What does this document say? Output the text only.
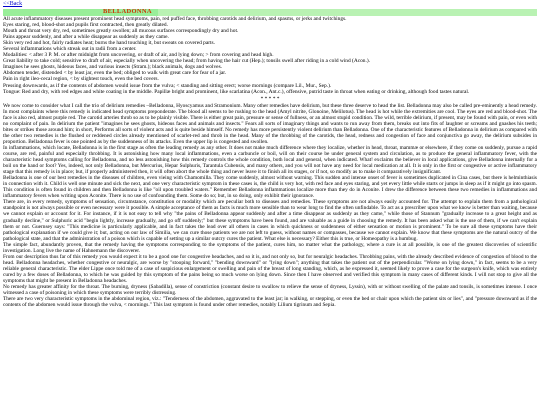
<<Back
BELLADONNA

All acute inflammatory diseases present prominent head symptoms, pain, red puffed face, throbbing carotids and delirium, and spasms, or jerks and twitchings.

Eyes staring, red, blood-shot and pupils first contracted, then greatly dilated.

Mouth and throat very dry, red, sometimes greatly swollen; all mucous surfaces correspondingly dry and hot.

Pains appear suddenly, and after a while disappear as suddenly as they came.

Skin very red and hot, fairly radiates heat; burns the hand touching it, but sweats on covered parts.

Several inflammations which streak out in radii from a center.

Modalities: < after 3 P. M. or after midnight from uncovering, or draft of air, and lying down; > from covering and head high.

Great liability to take cold; sensitive to draft of air, especially when uncovering the head; from having the hair cut (Hep.); tonsils swell after riding in a cold wind (Acon.).

Imagines he sees ghosts, hideous faces, and various insects (Stram.); black animals, dogs and wolves.

Abdomen tender, distended < by least jar, even the bed; obliged to walk with great care for fear of a jar.

Pain in right ileo-cecal region, < by slightest touch, even the bed covers.

Pressing downwards, as if the contents of abdomen would issue from the vulva; < standing and sitting erect; worse mornings (compare Lil., Mur., Sep.).

Tongue: Red and dry, with red edges and white coating in the middle. Papillæ bright and prominent, like scarlatina (Acon., Ant.c.), offensive, putrid taste in throat when eating or drinking, although food tastes natural.

* * * * *

We now come to consider what I call the trio of delirium remedies –Belladonna, Hyoscyamus and Stramonium. Many other remedies have delirium, but these three deserve to head the list. Belladonna may also be called pre-eminently a head remedy. In most complaints where this remedy is indicated head symptoms preponderate. The blood all seems to be rushing to the head (Amyl nitrite, Glonoine, Melilotus). The head is hot while the extremities are cool. The eyes are red and blood-shot. The face is also red, almost purple red. The carotid arteries throb so as to be plainly visible. There is either great pain, pressure or sense of fullness, or an almost stupid condition. The wild, terrible delirium, if present, may be found with pain, or even with no complaint of pain. In delirium the patient "imagines he sees ghosts, hideous faces and animals and insects." Fears all sorts of imaginary things and wants to run away from them, breaks out into fits of laughter or screams and gnashes his teeth; bites or strikes those around him; in short, Performs all sorts of violent acts and is quite beside himself. No remedy has more persistently violent delirium than Belladonna. One of the characteristic features of Belladonna in delirium as compared with the other two remedies is the flushed or reddened circles already mentioned of scarlet-red and throb in the head. Many of the throbbing of the carotids, the head, redness and congestion of face and conjunctiva go away, the delirium subsides in proportion. Belladonna fever is one pointed as by the suddenness of its attacks. Even the upper lip is congested and swollen.

In inflammations, which locate, Belladonna is in the first stage as often the leading remedy as any other. It does not make much difference where they localize, whether in head, throat, mammæ or elsewhere, if they come on suddenly, pursue a rapid course, are red, painful and especially throbbing. It is astonishing how many local inflammations, even a carbuncle or boil, will on their course be under general system and circulation, as to produce the general inflammatory fever, with the characteristic head symptoms calling for Belladonna, and no less astonishing how this remedy controls the whole condition, both local and general, when indicated. What! exclaims the believer in local applications, give Belladonna internally for a boil on the hand or foot? Yes, indeed, not only Belladonna, but Mercurius, Hepar Sulphuris, Tarantula Cubensis, and many others, and you will not have any need for local medication at all. It is only in the first or congestive or active inflammatory stage that this remedy is in place; but, if properly administered then, it will often abort the whole thing and never leave it to finish all its stages, or if not, so modify as to make it comparatively insignificant.

Belladonna is one of our best remedies in the diseases of children, even vieing with Chamomilla. They come suddenly, almost without warning. This sudden and intense onset of fever is sometimes duplicated in Cina cases, but there is helminthiasis in connection with it. Child is well one minute and sick the next, and one very characteristic symptom in these cases is, the child is very hot, with red face and eyes staring, and yet every little while starts or jumps in sleep as if it might go into spasm. This condition is often found in children and then Belladonna is like "oil upon troubled waters." Remember Belladonna inflammations localize more than they do in Aconite. I drew the difference between these two remedies in inflammations and inflammatory fevers when writing upon Aconite. There is no use of confounding them. Some do so; but, in so doing, only exhibit their ignorance.

There are, in every remedy, symptoms of sensation, circumstance, constitution or modality which are peculiar both to diseases and remedies. These symptoms are not always easily accounted for. The attempt to explain them from a pathological standpoint is not always possible or even necessary were it possible. A simple acceptance of them as facts is much more sensible than to wear long to find the often unfindable. To act as a prescriber upon what we know is better than waiting, because we cannot explain or account for it. For instance, if it is not easy to tell why "the pains of Belladonna appear suddenly and after a time disappear as suddenly as they came," while those of Stannum "gradually increase to a great height and as gradually decline," or Sulphuric acid "begin lightly, increase gradually, and go off suddenly;" but these symptoms have been found, and are valuable as a guide in choosing the remedy. It has been asked what is the use of them, if we can't explain them or not. Guernsey says: "This medicine is particularly applicable, and in fact takes the lead over all others in cases in which quickness or suddenness of either sensation or motion is prominent." To be sure all these symptoms have their pathological explanation if we could give it; but, acting on our law of Similia, we can cure those patients we are not left to guess, without names or compasses, because we cannot explain. We know that these symptoms are the natural outcry of the pathological state, and that the administration of a poison which is capable of setting up a similar outcry cures the patient. What else is necessary? Either this is true, or Homeopathy is a humbug.

The simple fact, abundantly proven, that the remedy having the symptoms corresponding to the symptoms of the patient, cures him, no matter what the pathology, where a cure is at all possible, is one of the greatest discoveries of scientific investigation. Long live the name of Hahnemann the discoverer.

From our description thus far of this remedy you would expect it to be a good one for congestive headaches, and so it is, and not only so, but for neuralgic headaches. Throbbing pains, with the already described evidence of congestion of blood to the head. Belladonna headaches, whether congestive or neuralgic, are worse by "stooping forward," "bending downward" or "lying down"; anything that takes the patient out of the perpendicular. "Worse on lying down," in fact, seems to be a very reliable general characteristic. The elder Lippe once told me of a case of suspicious enlargement or swelling and pain of the breast of long standing, which, as he expressed it, seemed likely to prove a case for the surgeon's knife, which was entirely cured by a few doses of Belladonna, to which he was guided by this symptom of the pains being so much worse on lying down. Since then I have observed and verified this symptom in many cases of different kinds. I will not stop to give all the symptoms that might be present in Belladonna headaches.

No remedy has greater affinity for the throat. The burning, dryness (Sabadilla), sense of constriction (constant desire to swallow to relieve the sense of dryness, Lyssin), with or without swelling of the palate and tonsils, is sometimes intense. I once witnessed a case of poisoning in which these symptoms were terribly distressing.

There are two very characteristic symptoms in the abdominal region, viz.: "Tenderness of the abdomen, aggravated to the least jar; in walking, or stepping, or even the bed or chair upon which the patient sits or lies", and "pressure downward as if the contents of the abdomen would issue through the vulva, < mornings." This last symptom is found under other remedies, notably Lilium tigrinum and Sepia.
